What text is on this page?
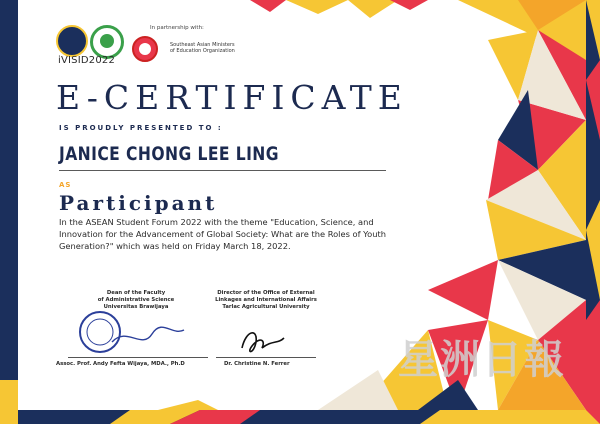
iVISID2022
In partnership with:
Southeast Asian Ministers of Education Organization
E-CERTIFICATE
IS PROUDLY PRESENTED TO :
JANICE CHONG LEE LING
AS
Participant
In the ASEAN Student Forum 2022 with the theme "Education, Science, and Innovation for the Advancement of Global Society: What are the Roles of Youth Generation?" which was held on Friday March 18, 2022.
Dean of the Faculty
of Administrative Science
Universitas Brawijaya
Assoc. Prof. Andy Fefta Wijaya, MDA., Ph.D
Director of the Office of External
Linkages and International Affairs
Tarlac Agricultural University
Dr. Christine N. Ferrer	星洲日報
